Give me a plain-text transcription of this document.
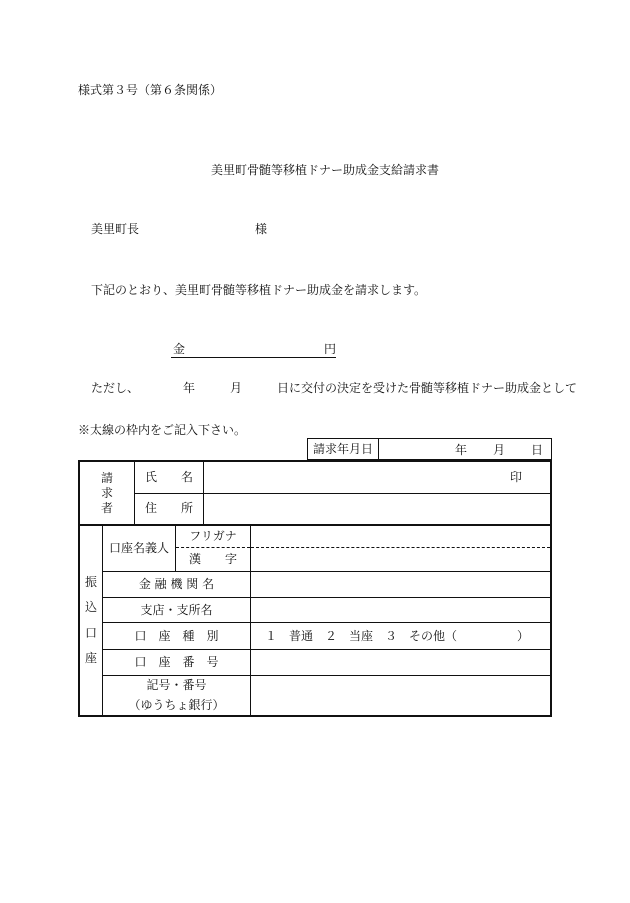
様式第３号（第６条関係）
美里町骨髄等移植ドナー助成金支給請求書
美里町長	様
下記のとおり、美里町骨髄等移植ドナー助成金を請求します。
金	円
ただし、	年	月	日に交付の決定を受けた骨髄等移植ドナー助成金として
※太線の枠内をご記入下さい。
請求年月日	年 月 日
請
求
者	氏　　名	印
	住　　所	
振
込
口
座	口座名義人	フリガナ	
		漢　　字	
	金 融 機 関 名		
	支店・支所名		
	口　座　種　別		１　普通　２　当座　３　その他（　　　　　）
	口　座　番　号		

	記号・番号
（ゆうちょ銀行）		
